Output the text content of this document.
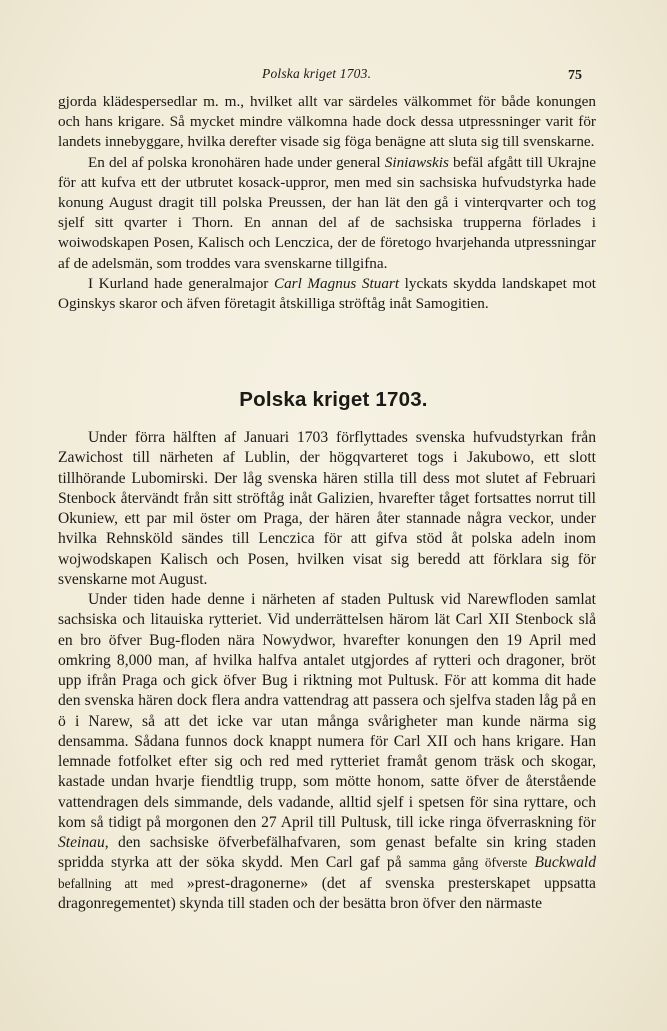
Polska kriget 1703.	75

gjorda klädespersedlar m. m., hvilket allt var särdeles välkommet för både konungen och hans krigare. Så mycket mindre välkomna hade dock dessa utpressninger varit för landets innebyggare, hvilka derefter visade sig föga benägne att sluta sig till svenskarne.

En del af polska kronohären hade under general Siniawskis befäl afgått till Ukrajne för att kufva ett der utbrutet kosack-uppror, men med sin sachsiska hufvudstyrka hade konung August dragit till polska Preussen, der han lät den gå i vinterqvarter och tog sjelf sitt qvarter i Thorn. En annan del af de sachsiska trupperna förlades i woiwodskapen Posen, Kalisch och Lenczica, der de företogo hvarjehanda utpressningar af de adelsmän, som troddes vara svenskarne tillgifna.

I Kurland hade generalmajor Carl Magnus Stuart lyckats skydda landskapet mot Oginskys skaror och äfven företagit åtskilliga ströftåg inåt Samogitien.

Polska kriget 1703.

Under förra hälften af Januari 1703 förflyttades svenska hufvudstyrkan från Zawichost till närheten af Lublin, der högqvarteret togs i Jakubowo, ett slott tillhörande Lubomirski. Der låg svenska hären stilla till dess mot slutet af Februari Stenbock återvändt från sitt ströftåg inåt Galizien, hvarefter tåget fortsattes norrut till Okuniew, ett par mil öster om Praga, der hären åter stannade några veckor, under hvilka Rehnsköld sändes till Lenczica för att gifva stöd åt polska adeln inom wojwodskapen Kalisch och Posen, hvilken visat sig beredd att förklara sig för svenskarne mot August.

Under tiden hade denne i närheten af staden Pultusk vid Narewfloden samlat sachsiska och litauiska rytteriet. Vid underrättelsen härom lät Carl XII Stenbock slå en bro öfver Bug-floden nära Nowydwor, hvarefter konungen den 19 April med omkring 8,000 man, af hvilka halfva antalet utgjordes af rytteri och dragoner, bröt upp ifrån Praga och gick öfver Bug i riktning mot Pultusk. För att komma dit hade den svenska hären dock flera andra vattendrag att passera och sjelfva staden låg på en ö i Narew, så att det icke var utan många svårigheter man kunde närma sig densamma. Sådana funnos dock knappt numera för Carl XII och hans krigare. Han lemnade fotfolket efter sig och red med rytteriet framåt genom träsk och skogar, kastade undan hvarje fiendtlig trupp, som mötte honom, satte öfver de återstående vattendragen dels simmande, dels vadande, alltid sjelf i spetsen för sina ryttare, och kom så tidigt på morgonen den 27 April till Pultusk, till icke ringa öfverraskning för Steinau, den sachsiske öfverbefälhafvaren, som genast befalte sin kring staden spridda styrka att der söka skydd. Men Carl gaf på samma gång öfverste Buckwald befallning att med »prest-dragonerne» (det af svenska presterskapet uppsatta dragonregementet) skynda till staden och der besätta bron öfver den närmaste
